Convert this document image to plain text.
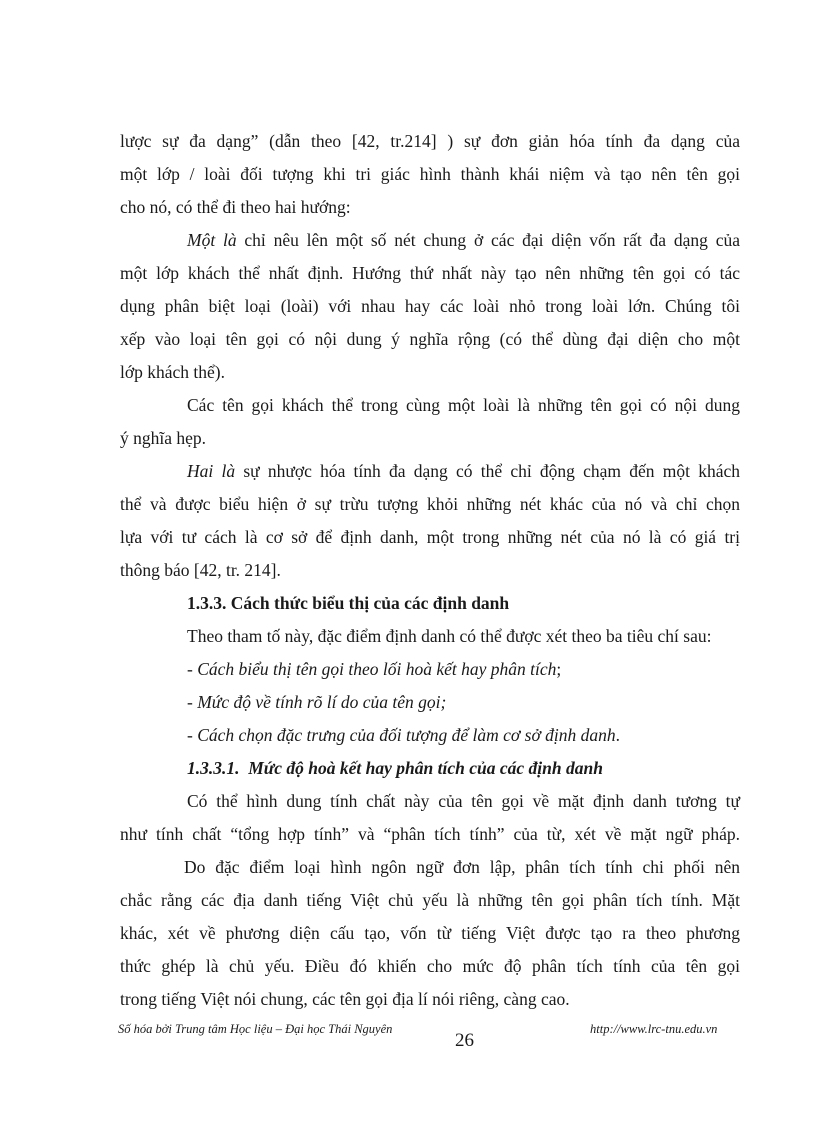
lược sự đa dạng” (dẫn theo [42, tr.214] ) sự đơn giản hóa tính đa dạng của
một lớp / loài đối tượng khi tri giác hình thành khái niệm và tạo nên tên gọi
cho nó, có thể đi theo hai hướng:
Một là chỉ nêu lên một số nét chung ở các đại diện vốn rất đa dạng của
một lớp khách thể nhất định. Hướng thứ nhất này tạo nên những tên gọi có tác
dụng phân biệt loại (loài) với nhau hay các loài nhỏ trong loài lớn. Chúng tôi
xếp vào loại tên gọi có nội dung ý nghĩa rộng (có thể dùng đại diện cho một
lớp khách thể).
Các tên gọi khách thể trong cùng một loài là những tên gọi có nội dung
ý nghĩa hẹp.
Hai là sự nhược hóa tính đa dạng có thể chỉ động chạm đến một khách
thể và được biểu hiện ở sự trừu tượng khỏi những nét khác của nó và chỉ chọn
lựa với tư cách là cơ sở để định danh, một trong những nét của nó là có giá trị
thông báo [42, tr. 214].
1.3.3. Cách thức biểu thị của các định danh
Theo tham tố này, đặc điểm định danh có thể được xét theo ba tiêu chí sau:
- Cách biểu thị tên gọi theo lối hoà kết hay phân tích;
- Mức độ về tính rõ lí do của tên gọi;
- Cách chọn đặc trưng của đối tượng để làm cơ sở định danh.
1.3.3.1.  Mức độ hoà kết hay phân tích của các định danh
Có thể hình dung tính chất này của tên gọi về mặt định danh tương tự
như tính chất “tổng hợp tính” và “phân tích tính” của từ, xét về mặt ngữ pháp.
Do đặc điểm loại hình ngôn ngữ đơn lập, phân tích tính chi phối nên
chắc rằng các địa danh tiếng Việt chủ yếu là những tên gọi phân tích tính. Mặt
khác, xét về phương diện cấu tạo, vốn từ tiếng Việt được tạo ra theo phương
thức ghép là chủ yếu. Điều đó khiến cho mức độ phân tích tính của tên gọi
trong tiếng Việt nói chung, các tên gọi địa lí nói riêng, càng cao.
Số hóa bởi Trung tâm Học liệu – Đại học Thái Nguyên
26
http://www.lrc-tnu.edu.vn
